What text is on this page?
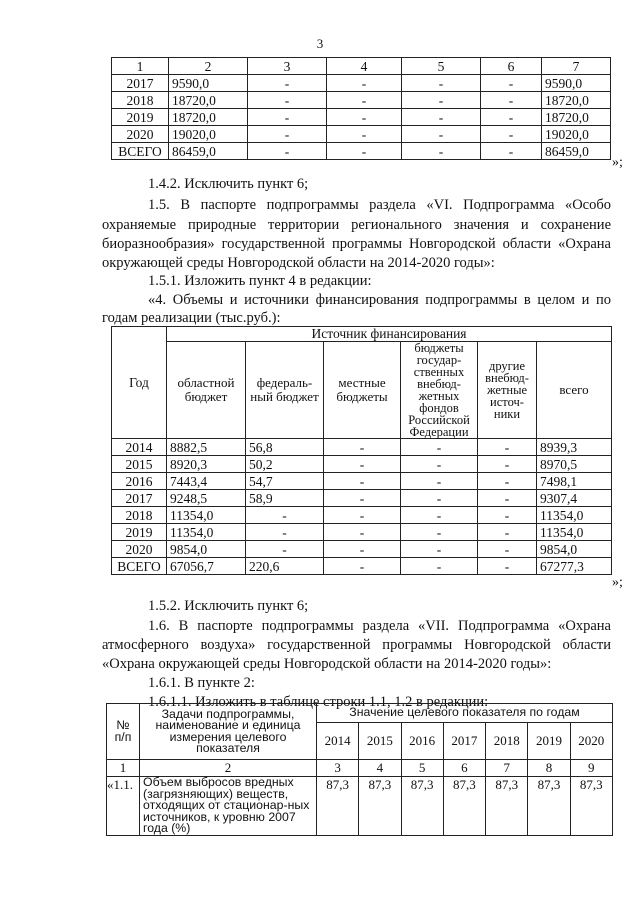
3
1	2	3	4	5	6	7
2017	9590,0	-	-	-	-	9590,0
2018	18720,0	-	-	-	-	18720,0
2019	18720,0	-	-	-	-	18720,0
2020	19020,0	-	-	-	-	19020,0
ВСЕГО	86459,0	-	-	-	-	86459,0
»;
1.4.2. Исключить пункт 6;
1.5. В паспорте подпрограммы раздела «VI. Подпрограмма «Особо
охраняемые природные территории регионального значения и сохранение
биоразнообразия» государственной программы Новгородской области «Охрана
окружающей среды Новгородской области на 2014-2020 годы»:
1.5.1. Изложить пункт 4 в редакции:
«4. Объемы и источники финансирования подпрограммы в целом и по
годам реализации (тыс.руб.):
Год	Источник финансирования					
	областной бюджет	федераль-ный бюджет	местные бюджеты	бюджеты государ-ственных внебюд-жетных фондов Российской Федерации	другие внебюд-жетные источ-ники	всего
2014	8882,5	56,8	-	-	-	8939,3
2015	8920,3	50,2	-	-	-	8970,5
2016	7443,4	54,7	-	-	-	7498,1
2017	9248,5	58,9	-	-	-	9307,4
2018	11354,0	-	-	-	-	11354,0
2019	11354,0	-	-	-	-	11354,0
2020	9854,0	-	-	-	-	9854,0
ВСЕГО	67056,7	220,6	-	-	-	67277,3
»;
1.5.2. Исключить пункт 6;
1.6. В паспорте подпрограммы раздела «VII. Подпрограмма «Охрана
атмосферного воздуха» государственной программы Новгородской области
«Охрана окружающей среды Новгородской области на 2014-2020 годы»:
1.6.1. В пункте 2:
1.6.1.1. Изложить в таблице строки 1.1, 1.2 в редакции:
№ п/п	Задачи подпрограммы, наименование и единица измерения целевого показателя	Значение целевого показателя по годам						
		2014	2015	2016	2017	2018	2019	2020
1	2	3	4	5	6	7	8	9
«1.1.	Объем выбросов вредных (загрязняющих) веществ, отходящих от стационар-ных источников, к уровню 2007 года (%)	87,3	87,3	87,3	87,3	87,3	87,3	87,3
